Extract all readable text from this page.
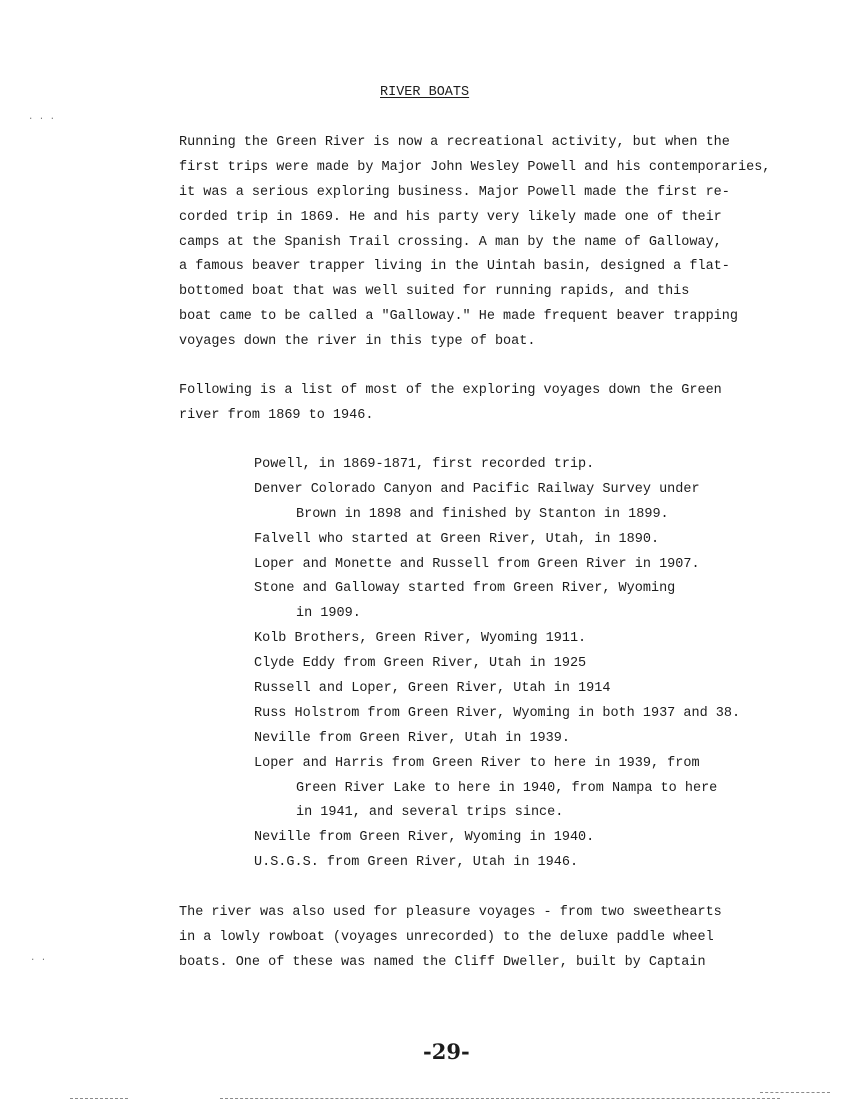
RIVER BOATS
Running the Green River is now a recreational activity, but when the
first trips were made by Major John Wesley Powell and his contemporaries,
it was a serious exploring business. Major Powell made the first re-
corded trip in 1869. He and his party very likely made one of their
camps at the Spanish Trail crossing. A man by the name of Galloway,
a famous beaver trapper living in the Uintah basin, designed a flat-
bottomed boat that was well suited for running rapids, and this
boat came to be called a "Galloway." He made frequent beaver trapping
voyages down the river in this type of boat.
Following is a list of most of the exploring voyages down the Green
river from 1869 to 1946.
Powell, in 1869-1871, first recorded trip.
Denver Colorado Canyon and Pacific Railway Survey under
Brown in 1898 and finished by Stanton in 1899.
Falvell who started at Green River, Utah, in 1890.
Loper and Monette and Russell from Green River in 1907.
Stone and Galloway started from Green River, Wyoming
in 1909.
Kolb Brothers, Green River, Wyoming 1911.
Clyde Eddy from Green River, Utah in 1925
Russell and Loper, Green River, Utah in 1914
Russ Holstrom from Green River, Wyoming in both 1937 and 38.
Neville from Green River, Utah in 1939.
Loper and Harris from Green River to here in 1939, from
Green River Lake to here in 1940, from Nampa to here
in 1941, and several trips since.
Neville from Green River, Wyoming in 1940.
U.S.G.S. from Green River, Utah in 1946.
The river was also used for pleasure voyages - from two sweethearts
in a lowly rowboat (voyages unrecorded) to the deluxe paddle wheel
boats. One of these was named the Cliff Dweller, built by Captain
-29-
. . .
. .
